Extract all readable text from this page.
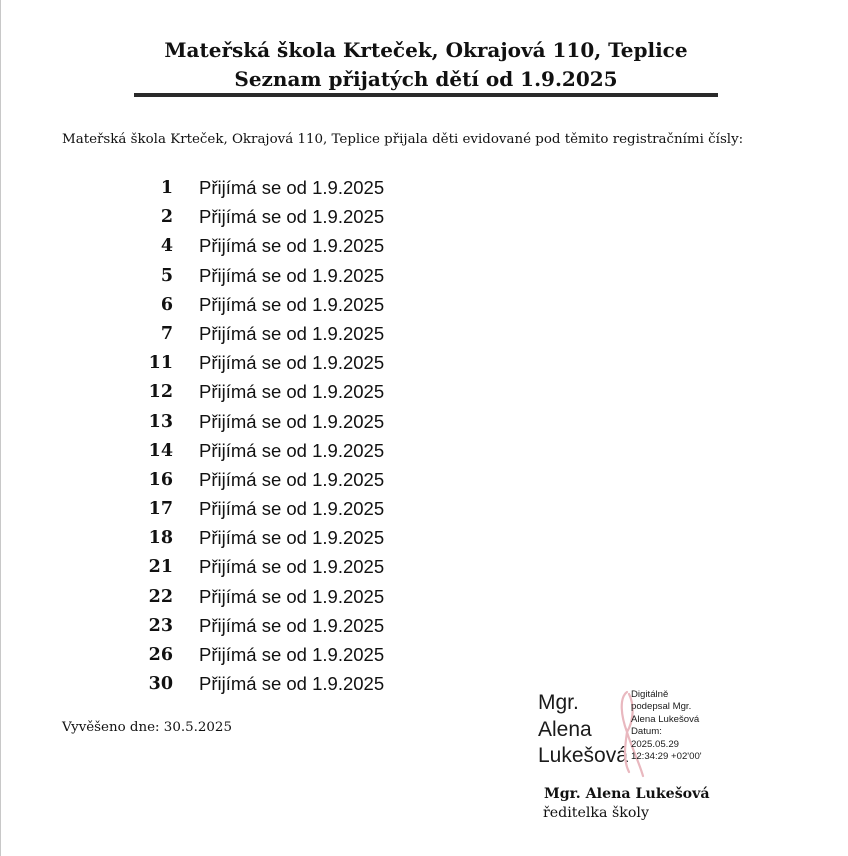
Mateřská škola Krteček, Okrajová 110, Teplice
Seznam přijatých dětí od 1.9.2025
Mateřská škola Krteček, Okrajová 110, Teplice přijala děti evidované pod těmito registračními čísly:
1 Přijímá se od 1.9.2025
2 Přijímá se od 1.9.2025
4 Přijímá se od 1.9.2025
5 Přijímá se od 1.9.2025
6 Přijímá se od 1.9.2025
7 Přijímá se od 1.9.2025
11 Přijímá se od 1.9.2025
12 Přijímá se od 1.9.2025
13 Přijímá se od 1.9.2025
14 Přijímá se od 1.9.2025
16 Přijímá se od 1.9.2025
17 Přijímá se od 1.9.2025
18 Přijímá se od 1.9.2025
21 Přijímá se od 1.9.2025
22 Přijímá se od 1.9.2025
23 Přijímá se od 1.9.2025
26 Přijímá se od 1.9.2025
30 Přijímá se od 1.9.2025
Vyvěšeno dne: 30.5.2025
Mgr.
Alena
Lukešová
Digitálně
podepsal Mgr.
Alena Lukešová
Datum:
2025.05.29
12:34:29 +02'00'
Mgr. Alena Lukešová
ředitelka školy
